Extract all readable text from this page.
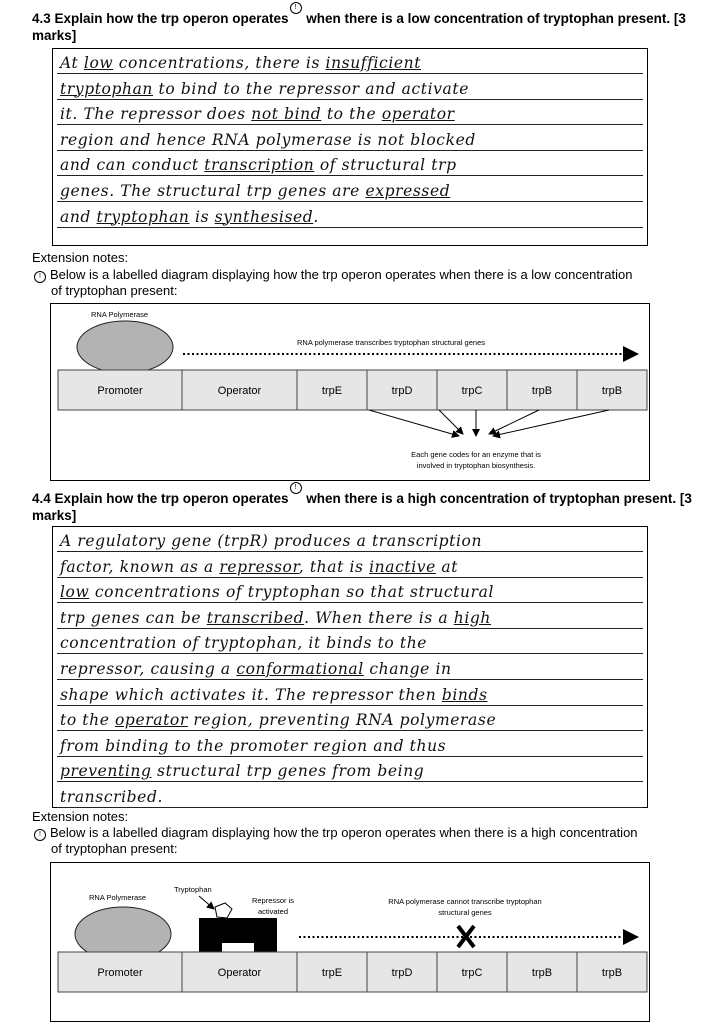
4.3 Explain how the trp operon operates! when there is a low concentration of tryptophan present. [3
marks]
At low concentrations, there is insufficient
tryptophan to bind to the repressor and activate
it. The repressor does not bind to the operator
region and hence RNA polymerase is not blocked
and can conduct transcription of structural trp
genes. The structural trp genes are expressed
and tryptophan is synthesised.
Extension notes:
! Below is a labelled diagram displaying how the trp operon operates when there is a low concentration
of tryptophan present:
RNA Polymerase
RNA polymerase transcribes tryptophan structural genes
Promoter	Operator	trpE	trpD	trpC	trpB	trpB
Each gene codes for an enzyme that is
involved in tryptophan biosynthesis.
4.4 Explain how the trp operon operates! when there is a high concentration of tryptophan present. [3
marks]
A regulatory gene (trpR) produces a transcription
factor, known as a repressor, that is inactive at
low concentrations of tryptophan so that structural
trp genes can be transcribed. When there is a high
concentration of tryptophan, it binds to the
repressor, causing a conformational change in
shape which activates it. The repressor then binds
to the operator region, preventing RNA polymerase
from binding to the promoter region and thus
preventing structural trp genes from being
transcribed.
Extension notes:
! Below is a labelled diagram displaying how the trp operon operates when there is a high concentration
of tryptophan present:
RNA Polymerase
Tryptophan
Repressor is
activated
RNA polymerase cannot transcribe tryptophan
structural genes
Promoter	Operator	trpE	trpD	trpC	trpB	trpB
